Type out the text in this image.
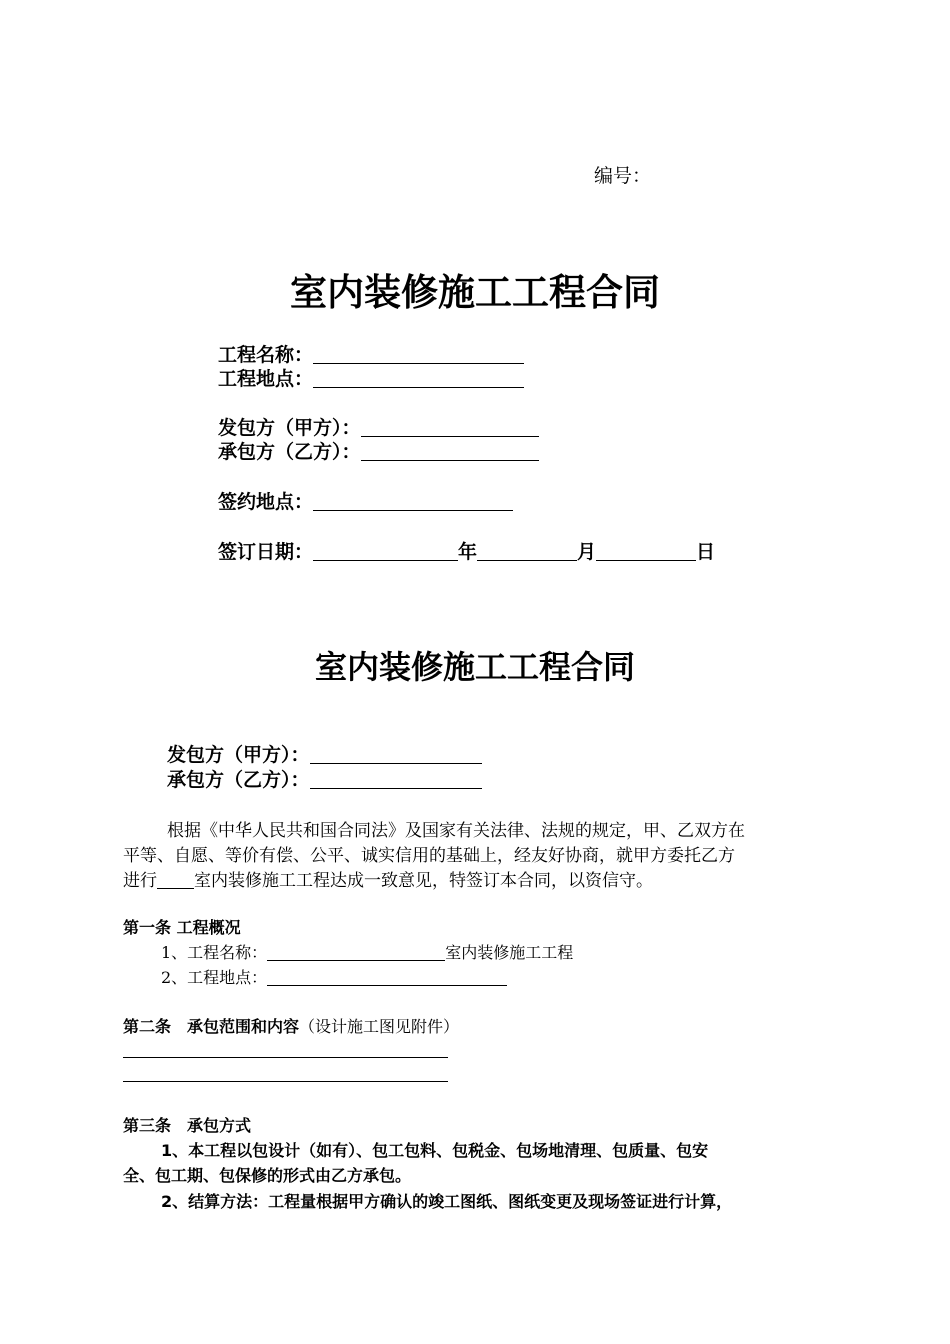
编号：
室内装修施工工程合同
工程名称：
工程地点：
发包方（甲方）：
承包方（乙方）：
签约地点：
签订日期：	年	月	日
室内装修施工工程合同
发包方（甲方）：
承包方（乙方）：
根据《中华人民共和国合同法》及国家有关法律、法规的规定，甲、乙双方在
平等、自愿、等价有偿、公平、诚实信用的基础上，经友好协商，就甲方委托乙方
进行 室内装修施工工程达成一致意见，特签订本合同，以资信守。
第一条 工程概况
1、工程名称：	室内装修施工工程
2、工程地点：
第二条　承包范围和内容（设计施工图见附件）
第三条　承包方式
1、本工程以包设计（如有）、包工包料、包税金、包场地清理、包质量、包安
全、包工期、包保修的形式由乙方承包。
2、结算方法：工程量根据甲方确认的竣工图纸、图纸变更及现场签证进行计算，
